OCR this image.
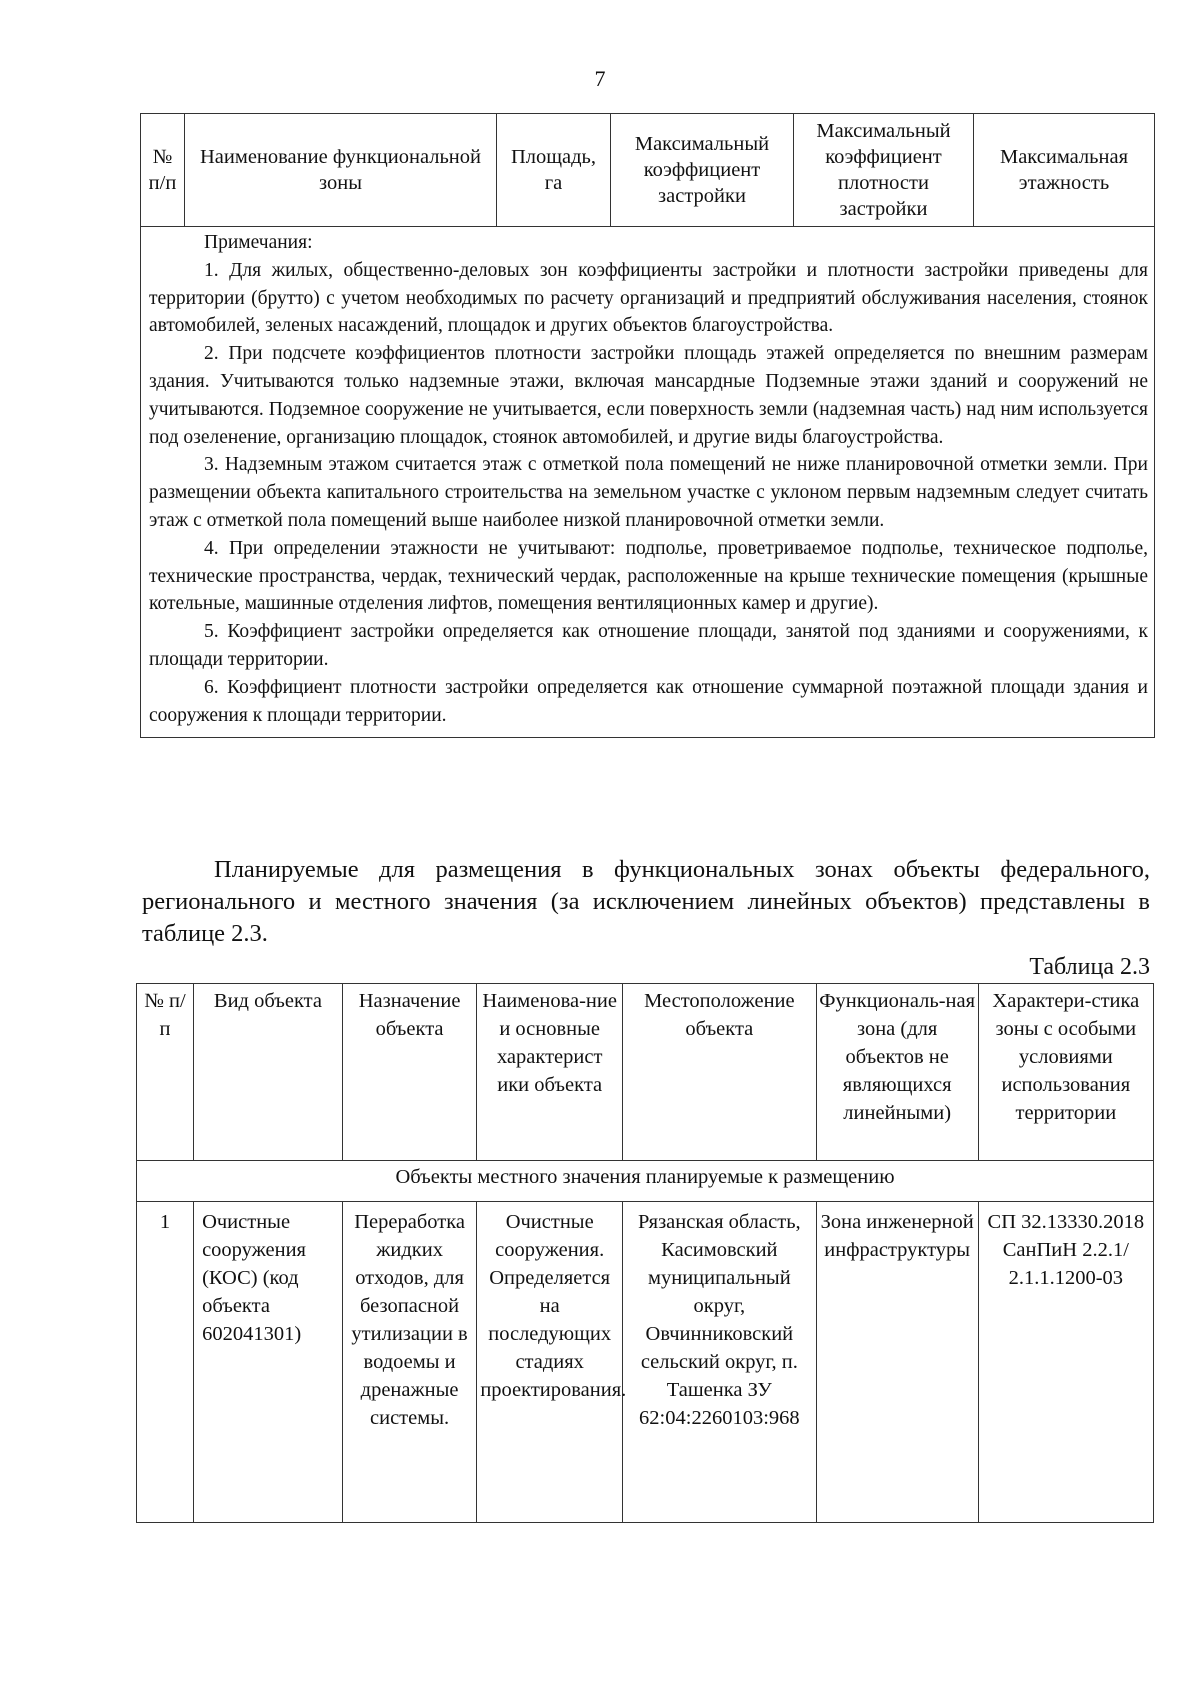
7
№ п/п	Наименование функциональной зоны	Площадь, га	Максимальный коэффициент застройки	Максимальный коэффициент плотности застройки	Максимальная этажность

Примечания:

1. Для жилых, общественно-деловых зон коэффициенты застройки и плотности застройки приведены для территории (брутто) с учетом необходимых по расчету организаций и предприятий обслуживания населения, стоянок автомобилей, зеленых насаждений, площадок и других объектов благоустройства.

2. При подсчете коэффициентов плотности застройки площадь этажей определяется по внешним размерам здания. Учитываются только надземные этажи, включая мансардные Подземные этажи зданий и сооружений не учитываются. Подземное сооружение не учитывается, если поверхность земли (надземная часть) над ним используется под озеленение, организацию площадок, стоянок автомобилей, и другие виды благоустройства.

3. Надземным этажом считается этаж с отметкой пола помещений не ниже планировочной отметки земли. При размещении объекта капитального строительства на земельном участке с уклоном первым надземным следует считать этаж с отметкой пола помещений выше наиболее низкой планировочной отметки земли.

4. При определении этажности не учитывают: подполье, проветриваемое подполье, техническое подполье, технические пространства, чердак, технический чердак, расположенные на крыше технические помещения (крышные котельные, машинные отделения лифтов, помещения вентиляционных камер и другие).

5. Коэффициент застройки определяется как отношение площади, занятой под зданиями и сооружениями, к площади территории.

6. Коэффициент плотности застройки определяется как отношение суммарной поэтажной площади здания и сооружения к площади территории.

Планируемые для размещения в функциональных зонах объекты федерального, регионального и местного значения (за исключением линейных объектов) представлены в таблице 2.3.

Таблица 2.3

№ п/п	Вид объекта	Назначение объекта	Наименова-ние и основные характерист ики объекта	Местоположение объекта	Функциональ-ная зона (для объектов не являющихся линейными)	Характери-стика зоны с особыми условиями использования территории
Объекты местного значения планируемые к размещению						
1	Очистные сооружения (КОС) (код объекта 602041301)	Переработка жидких отходов, для безопасной утилизации в водоемы и дренажные системы.	Очистные сооружения. Определяется на последующих стадиях проектирования.	Рязанская область, Касимовский муниципальный округ, Овчинниковский сельский округ, п. Ташенка ЗУ 62:04:2260103:968	Зона инженерной инфраструктуры	СП 32.13330.2018 СанПиН 2.2.1/ 2.1.1.1200-03
